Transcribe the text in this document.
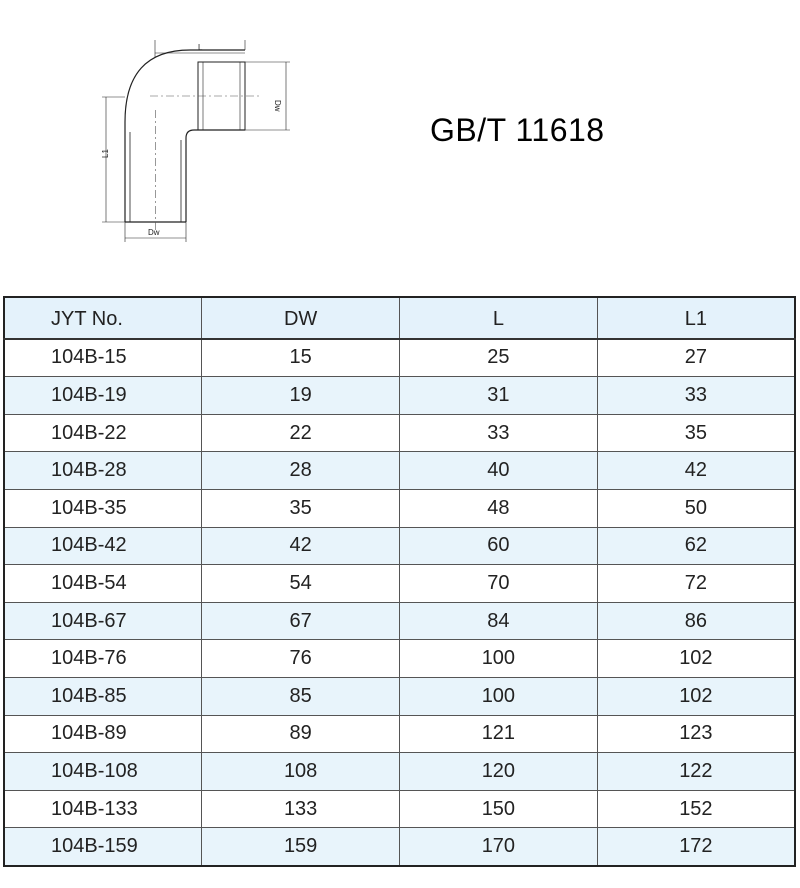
L
Dw
L1
Dw
GB/T 11618
JYT No.	DW	L	L1
104B-15	15	25	27
104B-19	19	31	33
104B-22	22	33	35
104B-28	28	40	42
104B-35	35	48	50
104B-42	42	60	62
104B-54	54	70	72
104B-67	67	84	86
104B-76	76	100	102
104B-85	85	100	102
104B-89	89	121	123
104B-108	108	120	122
104B-133	133	150	152
104B-159	159	170	172
